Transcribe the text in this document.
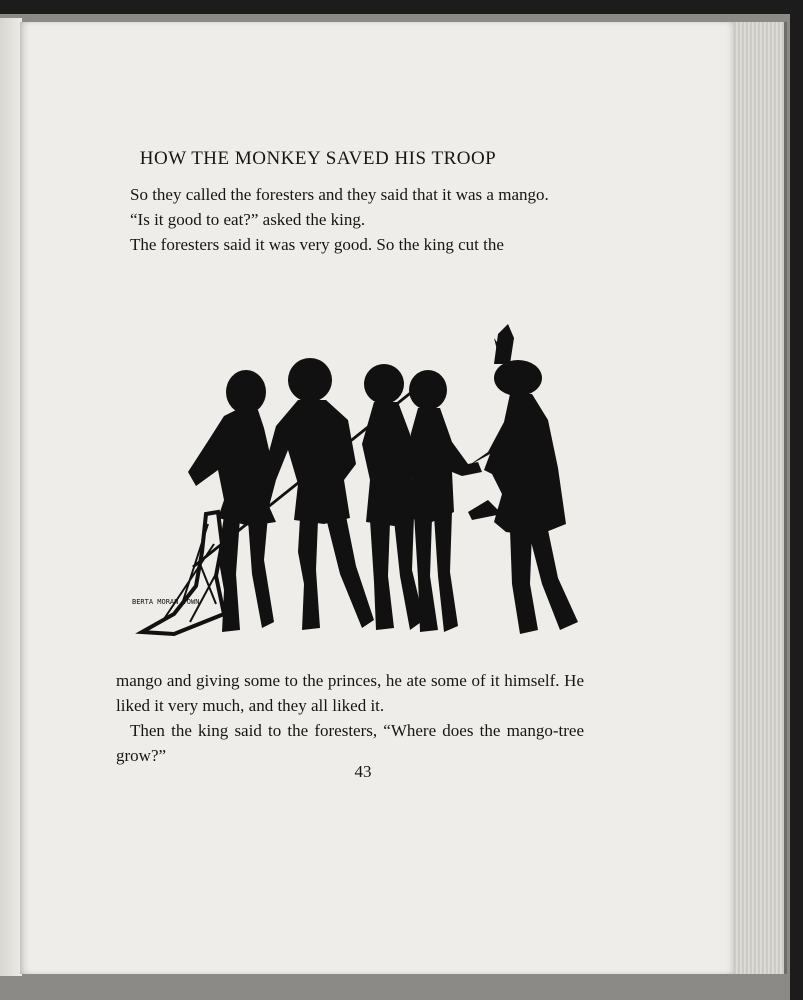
HOW THE MONKEY SAVED HIS TROOP

So they called the foresters and they said that it was a mango.

“Is it good to eat?” asked the king.

The foresters said it was very good. So the king cut the

BERTA MORAN TOWN

mango and giving some to the princes, he ate some of it himself. He liked it very much, and they all liked it.

Then the king said to the foresters, “Where does the mango-tree grow?”

43
